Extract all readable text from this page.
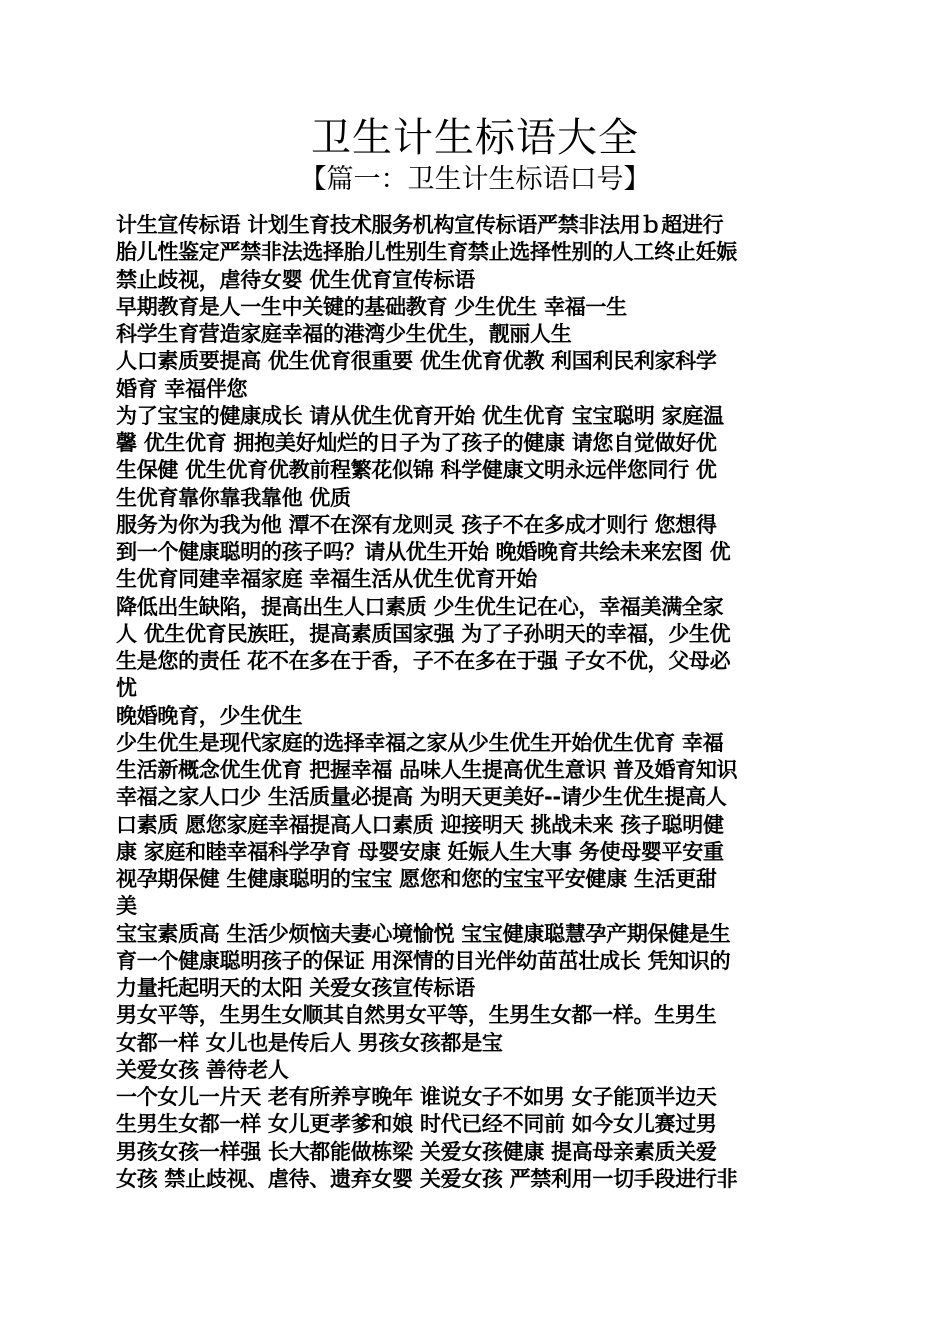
卫生计生标语大全
【篇一：卫生计生标语口号】
计生宣传标语 计划生育技术服务机构宣传标语严禁非法用ｂ超进行
胎儿性鉴定严禁非法选择胎儿性别生育禁止选择性别的人工终止妊娠
禁止歧视，虐待女婴 优生优育宣传标语
早期教育是人一生中关键的基础教育 少生优生 幸福一生
科学生育营造家庭幸福的港湾少生优生，靓丽人生
人口素质要提高 优生优育很重要 优生优育优教 利国利民利家科学
婚育 幸福伴您
为了宝宝的健康成长 请从优生优育开始 优生优育 宝宝聪明 家庭温
馨 优生优育 拥抱美好灿烂的日子为了孩子的健康 请您自觉做好优
生保健 优生优育优教前程繁花似锦 科学健康文明永远伴您同行 优
生优育靠你靠我靠他 优质
服务为你为我为他 潭不在深有龙则灵 孩子不在多成才则行 您想得
到一个健康聪明的孩子吗？请从优生开始 晚婚晚育共绘未来宏图 优
生优育同建幸福家庭 幸福生活从优生优育开始
降低出生缺陷，提高出生人口素质 少生优生记在心，幸福美满全家
人 优生优育民族旺，提高素质国家强 为了子孙明天的幸福，少生优
生是您的责任 花不在多在于香，子不在多在于强 子女不优，父母必
忧
晚婚晚育，少生优生
少生优生是现代家庭的选择幸福之家从少生优生开始优生优育 幸福
生活新概念优生优育 把握幸福 品味人生提高优生意识 普及婚育知识
幸福之家人口少 生活质量必提高 为明天更美好--请少生优生提高人
口素质 愿您家庭幸福提高人口素质 迎接明天 挑战未来 孩子聪明健
康 家庭和睦幸福科学孕育 母婴安康 妊娠人生大事 务使母婴平安重
视孕期保健 生健康聪明的宝宝 愿您和您的宝宝平安健康 生活更甜
美
宝宝素质高 生活少烦恼夫妻心境愉悦 宝宝健康聪慧孕产期保健是生
育一个健康聪明孩子的保证 用深情的目光伴幼苗茁壮成长 凭知识的
力量托起明天的太阳 关爱女孩宣传标语
男女平等，生男生女顺其自然男女平等，生男生女都一样。生男生
女都一样 女儿也是传后人 男孩女孩都是宝
关爱女孩 善待老人
一个女儿一片天 老有所养亨晚年 谁说女子不如男 女子能顶半边天
生男生女都一样 女儿更孝爹和娘 时代已经不同前 如今女儿赛过男
男孩女孩一样强 长大都能做栋梁 关爱女孩健康 提高母亲素质关爱
女孩 禁止歧视、虐待、遗弃女婴 关爱女孩 严禁利用一切手段进行非
